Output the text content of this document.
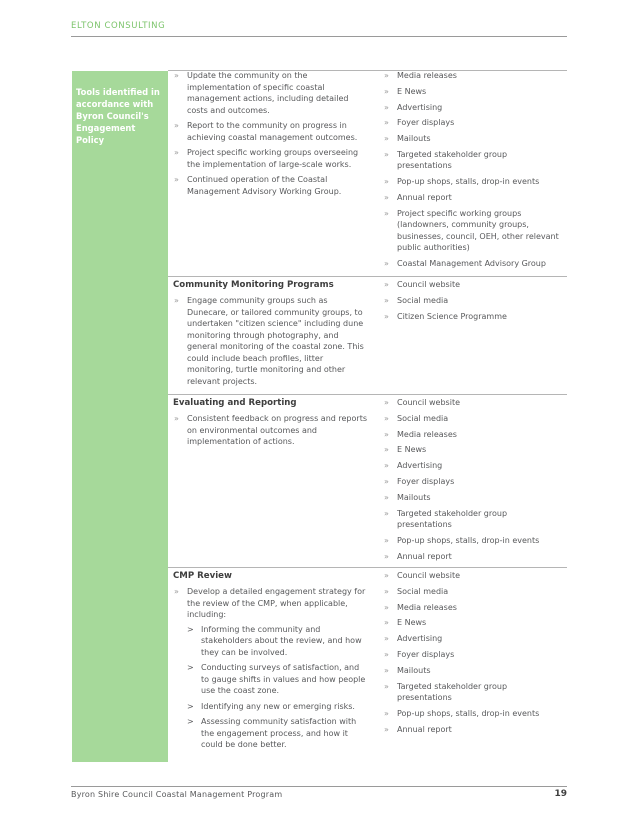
ELTON CONSULTING
Tools identified in accordance with Byron Council's Engagement Policy
» Update the community on the implementation of specific coastal management actions, including detailed costs and outcomes.
» Report to the community on progress in achieving coastal management outcomes.
» Project specific working groups overseeing the implementation of large-scale works.
» Continued operation of the Coastal Management Advisory Working Group.
» Media releases
» E News
» Advertising
» Foyer displays
» Mailouts
» Targeted stakeholder group presentations
» Pop-up shops, stalls, drop-in events
» Annual report
» Project specific working groups (landowners, community groups, businesses, council, OEH, other relevant public authorities)
» Coastal Management Advisory Group
Community Monitoring Programs
» Engage community groups such as Dunecare, or tailored community groups, to undertaken "citizen science" including dune monitoring through photography, and general monitoring of the coastal zone. This could include beach profiles, litter monitoring, turtle monitoring and other relevant projects.
» Council website
» Social media
» Citizen Science Programme
Evaluating and Reporting
» Consistent feedback on progress and reports on environmental outcomes and implementation of actions.
» Council website
» Social media
» Media releases
» E News
» Advertising
» Foyer displays
» Mailouts
» Targeted stakeholder group presentations
» Pop-up shops, stalls, drop-in events
» Annual report
CMP Review
» Develop a detailed engagement strategy for the review of the CMP, when applicable, including:
> Informing the community and stakeholders about the review, and how they can be involved.
> Conducting surveys of satisfaction, and to gauge shifts in values and how people use the coast zone.
> Identifying any new or emerging risks.
> Assessing community satisfaction with the engagement process, and how it could be done better.
» Council website
» Social media
» Media releases
» E News
» Advertising
» Foyer displays
» Mailouts
» Targeted stakeholder group presentations
» Pop-up shops, stalls, drop-in events
» Annual report
Byron Shire Council Coastal Management Program	19
